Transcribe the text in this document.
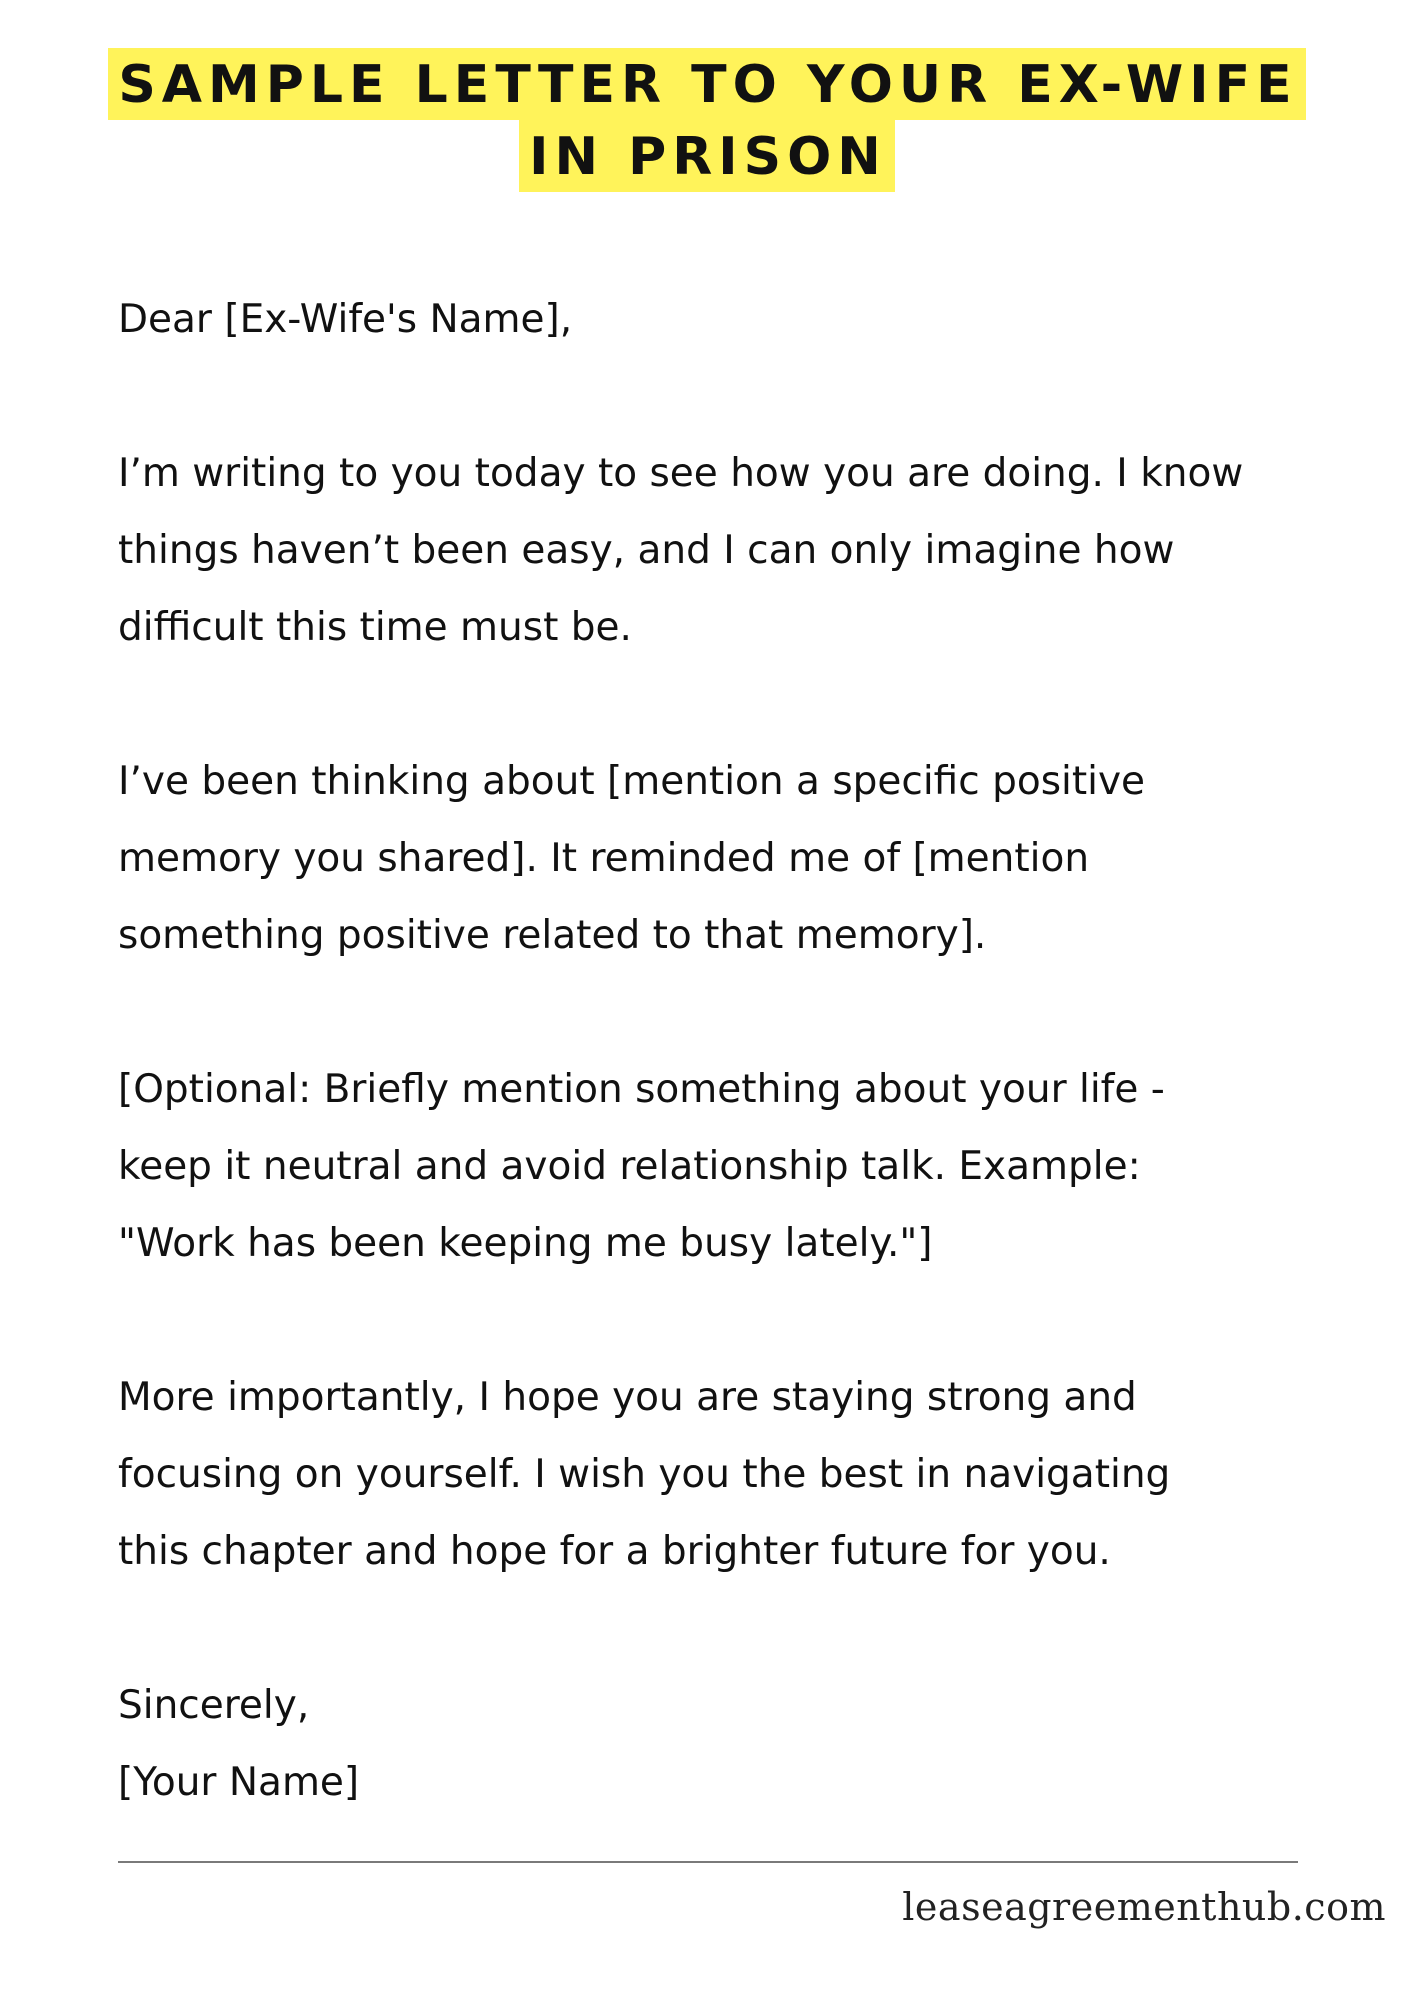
SAMPLE LETTER TO YOUR EX-WIFE
IN PRISON

Dear [Ex-Wife's Name],

I’m writing to you today to see how you are doing. I know

things haven’t been easy, and I can only imagine how

difficult this time must be.

I’ve been thinking about [mention a specific positive

memory you shared]. It reminded me of [mention

something positive related to that memory].

[Optional: Briefly mention something about your life -

keep it neutral and avoid relationship talk. Example:

"Work has been keeping me busy lately."]

More importantly, I hope you are staying strong and

focusing on yourself. I wish you the best in navigating

this chapter and hope for a brighter future for you.

Sincerely,

[Your Name]

leaseagreementhub.com
